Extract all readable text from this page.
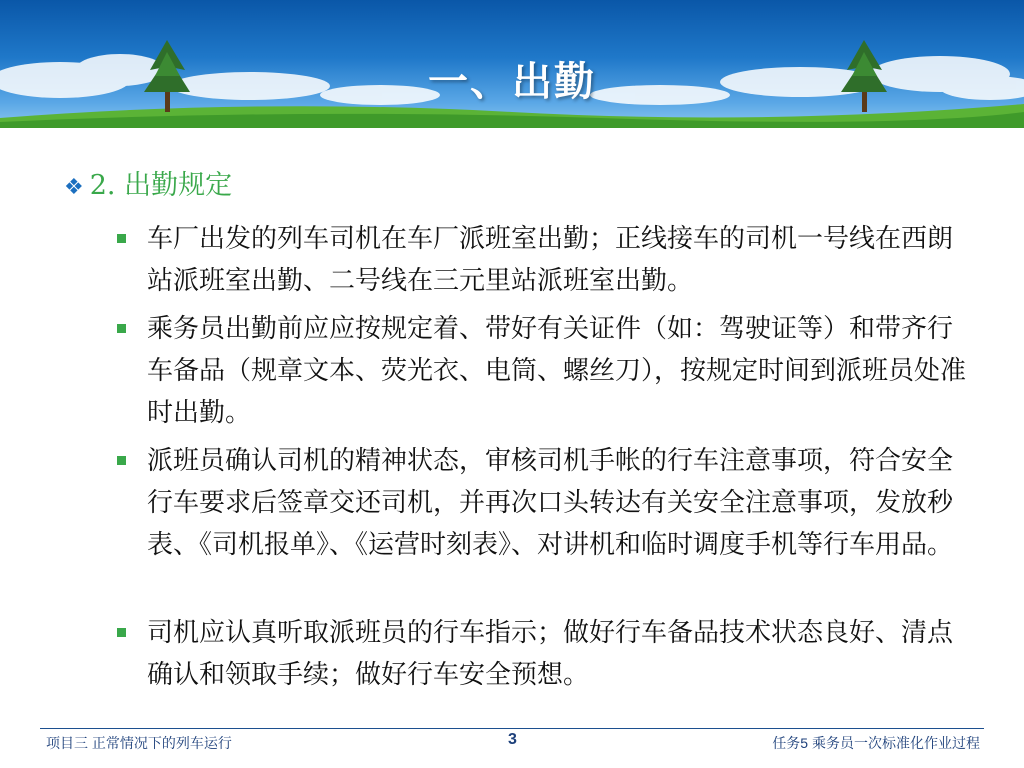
一、出勤
❖ 2. 出勤规定
车厂出发的列车司机在车厂派班室出勤；正线接车的司机一号线在西朗站派班室出勤、二号线在三元里站派班室出勤。
乘务员出勤前应应按规定着、带好有关证件（如：驾驶证等）和带齐行车备品（规章文本、荧光衣、电筒、螺丝刀），按规定时间到派班员处准时出勤。
派班员确认司机的精神状态，审核司机手帐的行车注意事项，符合安全行车要求后签章交还司机，并再次口头转达有关安全注意事项，发放秒表、《司机报单》、《运营时刻表》、对讲机和临时调度手机等行车用品。
司机应认真听取派班员的行车指示；做好行车备品技术状态良好、清点确认和领取手续；做好行车安全预想。
项目三 正常情况下的列车运行	3	任务5 乘务员一次标准化作业过程
